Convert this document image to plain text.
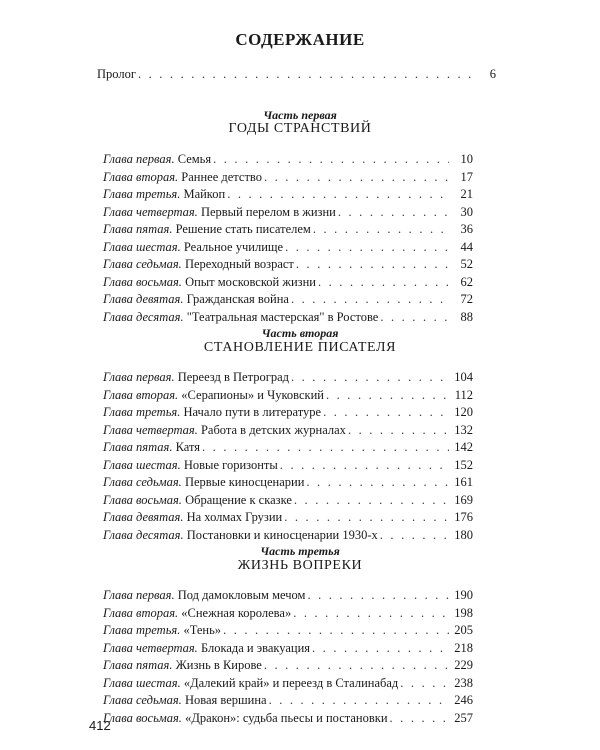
СОДЕРЖАНИЕ
Пролог . . .	6
Часть первая
ГОДЫ СТРАНСТВИЙ
Глава первая. Семья . . .	10
Глава вторая. Раннее детство . . .	17
Глава третья. Майкоп . . .	21
Глава четвертая. Первый перелом в жизни . . .	30
Глава пятая. Решение стать писателем . . .	36
Глава шестая. Реальное училище . . .	44
Глава седьмая. Переходный возраст . . .	52
Глава восьмая. Опыт московской жизни . . .	62
Глава девятая. Гражданская война . . .	72
Глава десятая. "Театральная мастерская" в Ростове . . .	88
Часть вторая
СТАНОВЛЕНИЕ ПИСАТЕЛЯ
Глава первая. Переезд в Петроград . . .	104
Глава вторая. «Серапионы» и Чуковский . . .	112
Глава третья. Начало пути в литературе . . .	120
Глава четвертая. Работа в детских журналах . . .	132
Глава пятая. Катя . . .	142
Глава шестая. Новые горизонты . . .	152
Глава седьмая. Первые киносценарии . . .	161
Глава восьмая. Обращение к сказке . . .	169
Глава девятая. На холмах Грузии . . .	176
Глава десятая. Постановки и киносценарии 1930-х . . .	180
Часть третья
ЖИЗНЬ ВОПРЕКИ
Глава первая. Под дамокловым мечом . . .	190
Глава вторая. «Снежная королева» . . .	198
Глава третья. «Тень» . . .	205
Глава четвертая. Блокада и эвакуация . . .	218
Глава пятая. Жизнь в Кирове . . .	229
Глава шестая. «Далекий край» и переезд в Сталинабад . . .	238
Глава седьмая. Новая вершина . . .	246
Глава восьмая. «Дракон»: судьба пьесы и постановки . . .	257
412
